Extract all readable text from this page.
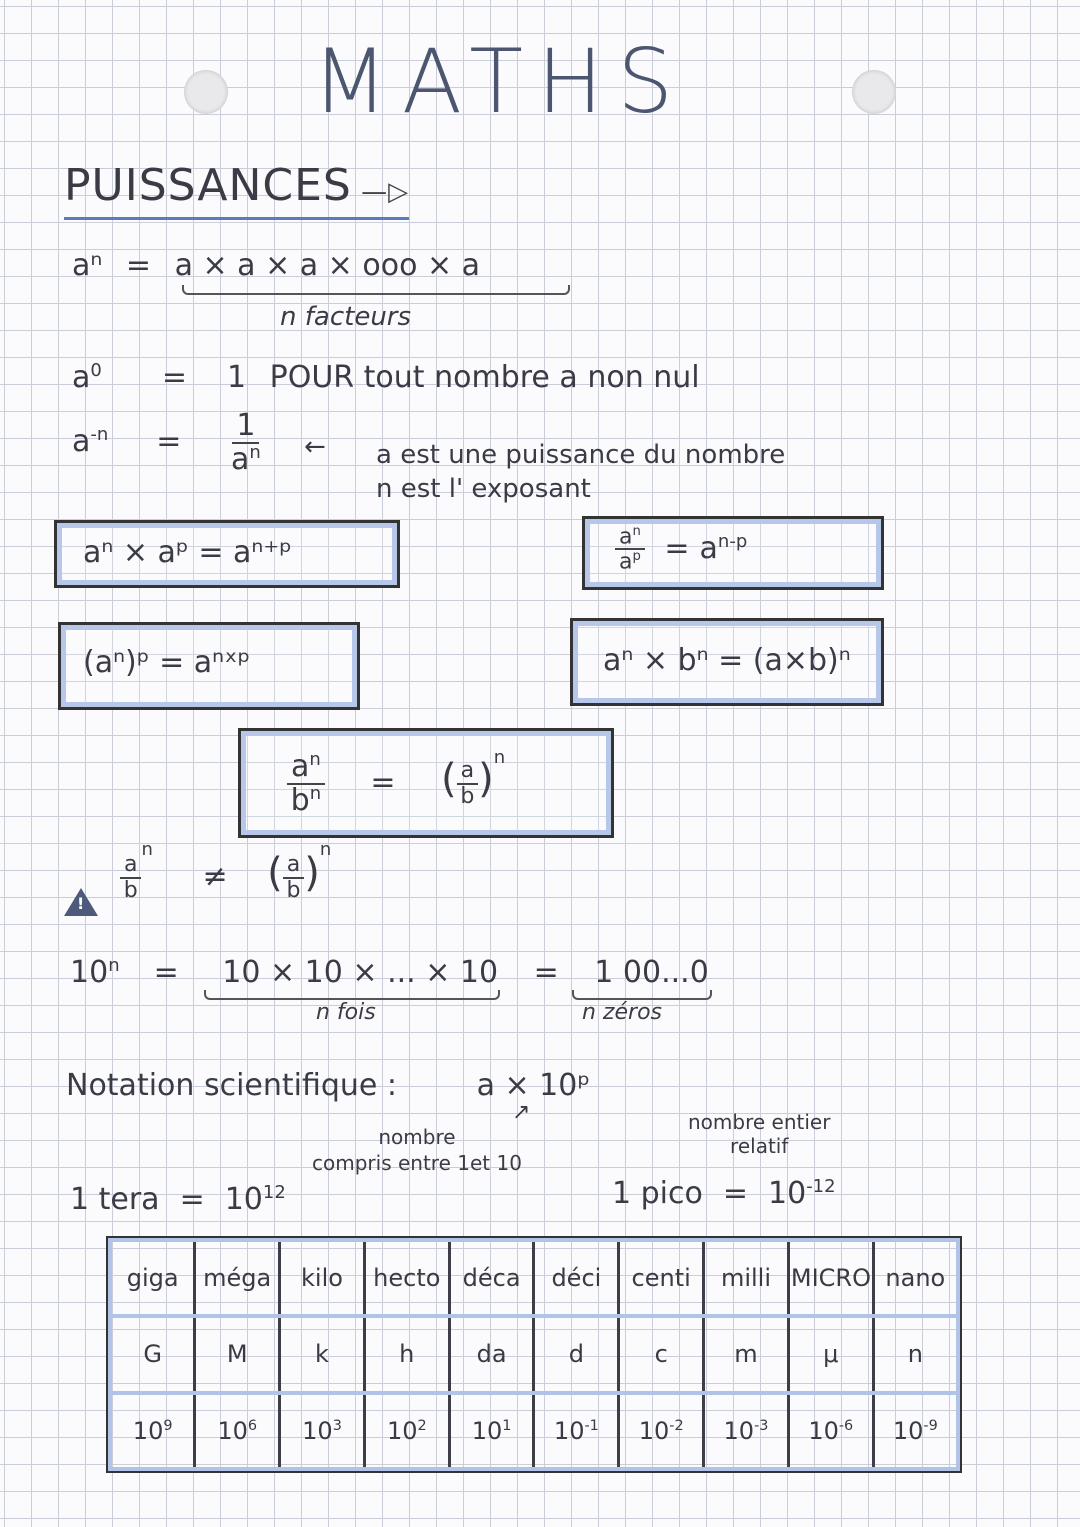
MATHS
PUISSANCES —▷
aⁿ = a × a × a × ooo × a
n facteurs
$a^0 = 1$ POUR tout nombre a non nul
$a^{-n} = \frac{1}{a^n}$ ← a est une puissance du nombre
n est l' exposant
aⁿ × aᵖ = aⁿ⁺ᵖ	$\frac{a^n}{a^p} = a^{n-p}$
(aⁿ)ᵖ = aⁿˣᵖ	aⁿ × bⁿ = (a×b)ⁿ
$\frac{a^n}{b^n}$ = ( $\frac{a}{b} )^n$
!
$\frac{a}{b}$
$^n$ ≠ ( $\frac{a}{b} )^n$
$10^n = 10 \times 10$ × ... × 10 = 1 00...0
n fois	n zéros
Notation scientifique :	a × 10ᵖ
↗
nombre
compris entre 1et 10
nombre entier
relatif
1 tera = $10^{12}$	1 pico = $10^{-12}$
giga	méga	kilo	hecto	déca	déci	centi	milli	MICRO	nano
G	M	k	h	da	d	c	m	μ	n
$10^9$	$10^6$	$10^3$	$10^2$	$10^1$	$10^{-1}$	$10^{-2}$	$10^{-3}$	$10^{-6}$	$10^{-9}$
